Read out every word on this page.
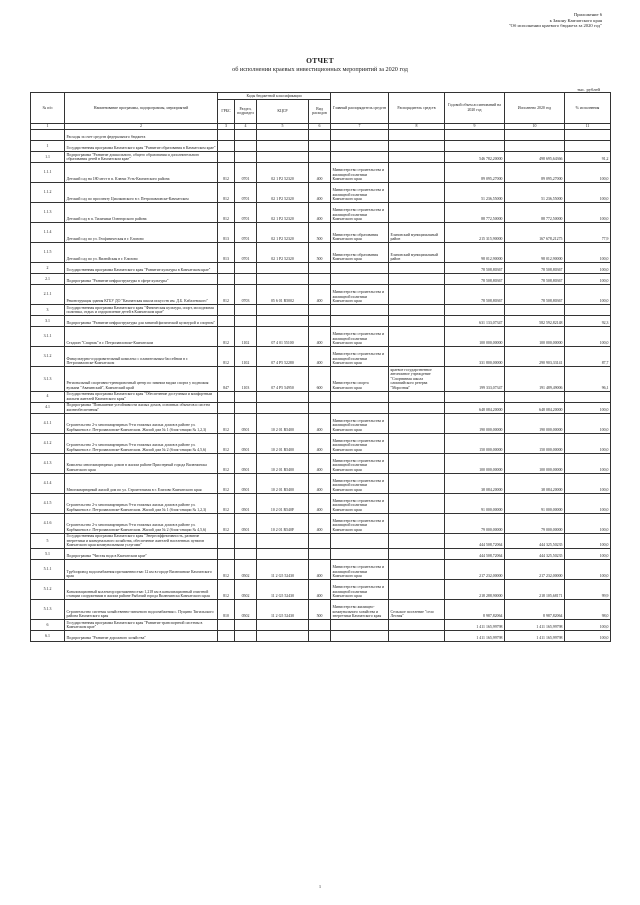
Приложение 6
к Закону Камчатского края
"Об исполнении краевого бюджета за 2020 год"
ОТЧЕТ
об исполнении краевых инвестиционных мероприятий за 2020 год
тыс. рублей
№ п/п	Наименование программы, подпрограммы, мероприятий	Коды бюджетной классификации				Главный распорядитель средств	Распорядитель средств	Годовой объем ассигнований на 2020 год	Исполнено 2020 год	% исполнения
		ГРБС	Раздел, подраздел	КЦСР	Вид расходов					
1	2	3	4	5	6	7	8	9	10	11
	Расходы за счет средств федерального бюджета									
1	Государственная программа Камчатского края "Развитие образования в Камчатском крае"									
1.1	Подпрограмма "Развитие дошкольного, общего образования и дополнительного образования детей в Камчатском крае"							546 782,20000	498 695,64366	91,2
1.1.1	Детский сад на 180 мест в п. Ключи Усть-Камчатского района	812	0701	02 1 P2 52320	400	Министерство строительства и жилищной политики Камчатского края		89 095,27000	89 095,27000	100,0
1.1.2	Детский сад по проспекту Циолковского в г. Петропавловске-Камчатском	812	0701	02 1 P2 52320	400	Министерство строительства и жилищной политики Камчатского края		51 236,55000	51 236,55000	100,0
1.1.3	Детский сад в п. Тиличики Олюторского района	812	0701	02 1 P2 52320	400	Министерство строительства и жилищной политики Камчатского края		88 772,50000	88 772,50000	100,0
1.1.4	Детский сад по ул. Геофизическая в г. Елизово	813	0701	02 1 P2 52320	500	Министерство образования Камчатского края	Елизовский муниципальный район	215 315,90000	167 678,21275	77,9
1.1.5	Детский сад по ул. Вилюйская в г. Елизово	813	0701	02 1 P2 52320	500	Министерство образования Камчатского края	Елизовский муниципальный район	98 012,90000	98 012,90000	100,0
2	Государственная программа Камчатского края "Развитие культуры в Камчатском крае"							78 508,80367	78 508,80367	100,0
2.1	Подпрограмма "Развитие инфраструктуры в сфере культуры"							78 508,80367	78 508,80367	100,0
2.1.1	Реконструкция здания КГБУ ДО "Камчатская школа искусств им. Д.Б. Кабалевского"	812	0703	05 6 01 R5002	400	Министерство строительства и жилищной политики Камчатского края		78 508,80367	78 508,80367	100,0
3	Государственная программа Камчатского края "Физическая культура, спорт, молодежная политика, отдых и оздоровление детей в Камчатском крае"									
3.1	Подпрограмма "Развитие инфраструктуры для занятий физической культурой и спортом"							631 133,07347	582 592,82148	92,3
3.1.1	Стадион "Спартак" в г. Петропавловске-Камчатском	812	1102	07 4 01 55100	400	Министерство строительства и жилищной политики Камчатского края		100 000,00000	100 000,00000	100,0
3.1.2	Физкультурно-оздоровительный комплекс с плавательным бассейном в г. Петропавловске-Камчатском	812	1102	07 4 P5 52280	400	Министерство строительства и жилищной политики Камчатского края		331 800,00000	290 903,33141	87,7
3.1.3	Региональный спортивно-тренировочный центр по зимним видам спорта у подножия вулкана "Авачинский", Камчатский край	847	1103	07 4 P5 54950	600	Министерство спорта Камчатского края	краевое государственное автономное учреждение "Спортивная школа олимпийского резерва "Морозная"	199 333,07347	191 489,49006	96,1
4	Государственная программа Камчатского края "Обеспечение доступным и комфортным жильем жителей Камчатского края"									
4.1	Подпрограмма "Повышение устойчивости жилых домов, основных объектов и систем жизнеобеспечения"							648 084,20000	648 084,20000	100,0
4.1.1	Строительство 2-х многоквартирных 9-ти этажных жилых домов в районе ул. Карбышева в г. Петропавловске-Камчатском. Жилой дом № 1 (блок-секции № 1,2,3)	812	0501	10 2 01 R5400	400	Министерство строительства и жилищной политики Камчатского края		190 000,00000	190 000,00000	100,0
4.1.2	Строительство 2-х многоквартирных 9-ти этажных жилых домов в районе ул. Карбышева в г. Петропавловске-Камчатском. Жилой дом № 2 (блок-секции № 4,5,6)	812	0501	10 2 01 R5400	400	Министерство строительства и жилищной политики Камчатского края		150 000,00000	150 000,00000	100,0
4.1.3	Комплекс многоквартирных домов в жилом районе Приозерный города Вилючинска Камчатского края	812	0501	10 2 01 R5400	400	Министерство строительства и жилищной политики Камчатского края		100 000,00000	100 000,00000	100,0
4.1.4	Многоквартирный жилой дом по ул. Строительная в г. Елизово Камчатского края	812	0501	10 2 01 R5400	400	Министерство строительства и жилищной политики Камчатского края		38 084,20000	38 084,20000	100,0
4.1.5	Строительство 2-х многоквартирных 9-ти этажных жилых домов в районе ул. Карбышева в г. Петропавловске-Камчатском. Жилой дом № 1 (блок-секции № 1,2,3)	812	0501	10 2 01 R540F	400	Министерство строительства и жилищной политики Камчатского края		91 000,00000	91 000,00000	100,0
4.1.6	Строительство 2-х многоквартирных 9-ти этажных жилых домов в районе ул. Карбышева в г. Петропавловске-Камчатском. Жилой дом № 2 (блок-секции № 4,5,6)	812	0501	10 2 01 R540F	400	Министерство строительства и жилищной политики Камчатского края		79 000,00000	79 000,00000	100,0
5	Государственная программа Камчатского края "Энергоэффективность, развитие энергетики и коммунального хозяйства, обеспечение жителей населенных пунктов Камчатского края коммунальными услугами"							444 508,72064	444 325,50235	100,0
5.1	Подпрограмма "Чистая вода в Камчатском крае"							444 508,72064	444 325,50235	100,0
5.1.1	Трубопровод водоснабжения протяженностью 12 км в городе Вилючинске Камчатского края	812	0502	11 2 G5 52430	400	Министерство строительства и жилищной политики Камчатского края		217 232,00000	217 232,00000	100,0
5.1.2	Канализационный коллектор протяженностью 1,218 км в канализационный очистной станции сооружениям в жилом районе Рыбачий города Вилючинска Камчатского края	812	0502	11 2 G5 52430	400	Министерство строительства и жилищной политики Камчатского края		218 288,90000	218 105,68171	99,9
5.1.3	Строительство системы хозяйственно-питьевого водоснабжения с. Пущино Тигильского района Камчатского края	810	0502	11 2 G5 52430	500	Министерство жилищно-коммунального хозяйства и энергетики Камчатского края	Сельское поселение "село Лесная"	8 987,82064	8 987,82064	98,0
6	Государственная программа Камчатского края "Развитие транспортной системы в Камчатском крае"							1 411 165,99798	1 411 165,99798	100,0
6.1	Подпрограмма "Развитие дорожного хозяйства"							1 411 165,99798	1 411 165,99798	100,0
1
